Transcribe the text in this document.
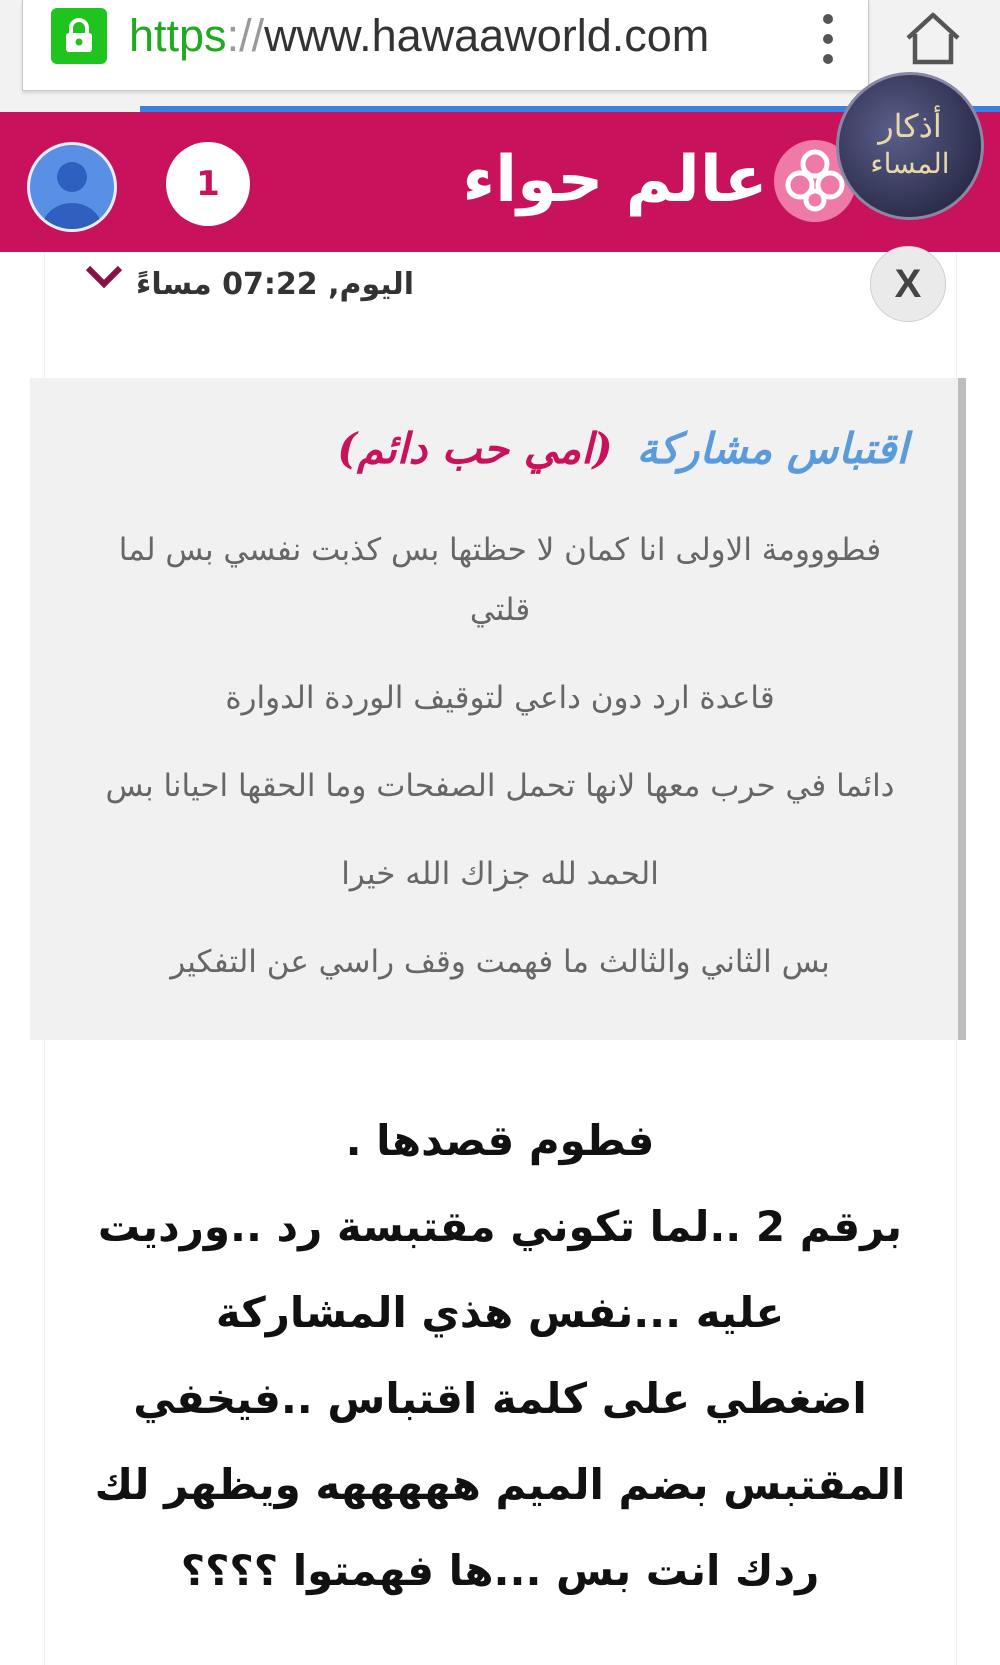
https://www.hawaaworld.com
1	عالم حواء
أذكار
المساء
اليوم, 07:22 مساءً	X
اقتباس مشاركة(امي حب دائم)

فطووومة الاولى انا كمان لا حظتها بس كذبت نفسي بس لما قلتي

قاعدة ارد دون داعي لتوقيف الوردة الدوارة

دائما في حرب معها لانها تحمل الصفحات وما الحقها احيانا بس

الحمد لله جزاك الله خيرا

بس الثاني والثالث ما فهمت وقف راسي عن التفكير

فطوم قصدها .

برقم 2 ..لما تكوني مقتبسة رد ..ورديت عليه ...نفس هذي المشاركة

اضغطي على كلمة اقتباس ..فيخفي المقتبس بضم الميم هههههه ويظهر لك ردك انت بس ...ها فهمتوا ؟؟؟؟
